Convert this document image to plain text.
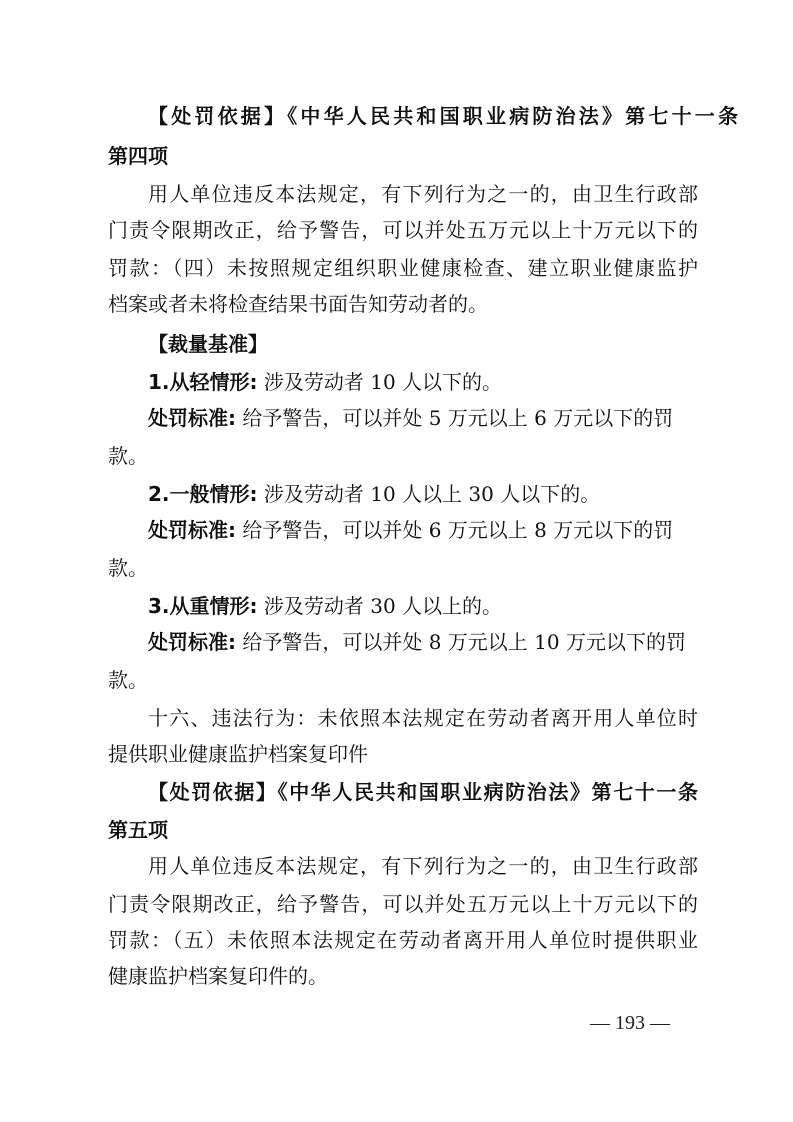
【处罚依据】《中华人民共和国职业病防治法》第七十一条
第四项
用人单位违反本法规定，有下列行为之一的，由卫生行政部
门责令限期改正，给予警告，可以并处五万元以上十万元以下的
罚款：（四）未按照规定组织职业健康检查、建立职业健康监护
档案或者未将检查结果书面告知劳动者的。
【裁量基准】
1.从轻情形: 涉及劳动者 10 人以下的。
处罚标准: 给予警告，可以并处 5 万元以上 6 万元以下的罚
款。
2.一般情形: 涉及劳动者 10 人以上 30 人以下的。
处罚标准: 给予警告，可以并处 6 万元以上 8 万元以下的罚
款。
3.从重情形: 涉及劳动者 30 人以上的。
处罚标准: 给予警告，可以并处 8 万元以上 10 万元以下的罚
款。
十六、违法行为：未依照本法规定在劳动者离开用人单位时
提供职业健康监护档案复印件
【处罚依据】《中华人民共和国职业病防治法》第七十一条
第五项
用人单位违反本法规定，有下列行为之一的，由卫生行政部
门责令限期改正，给予警告，可以并处五万元以上十万元以下的
罚款：（五）未依照本法规定在劳动者离开用人单位时提供职业
健康监护档案复印件的。
— 193 —
